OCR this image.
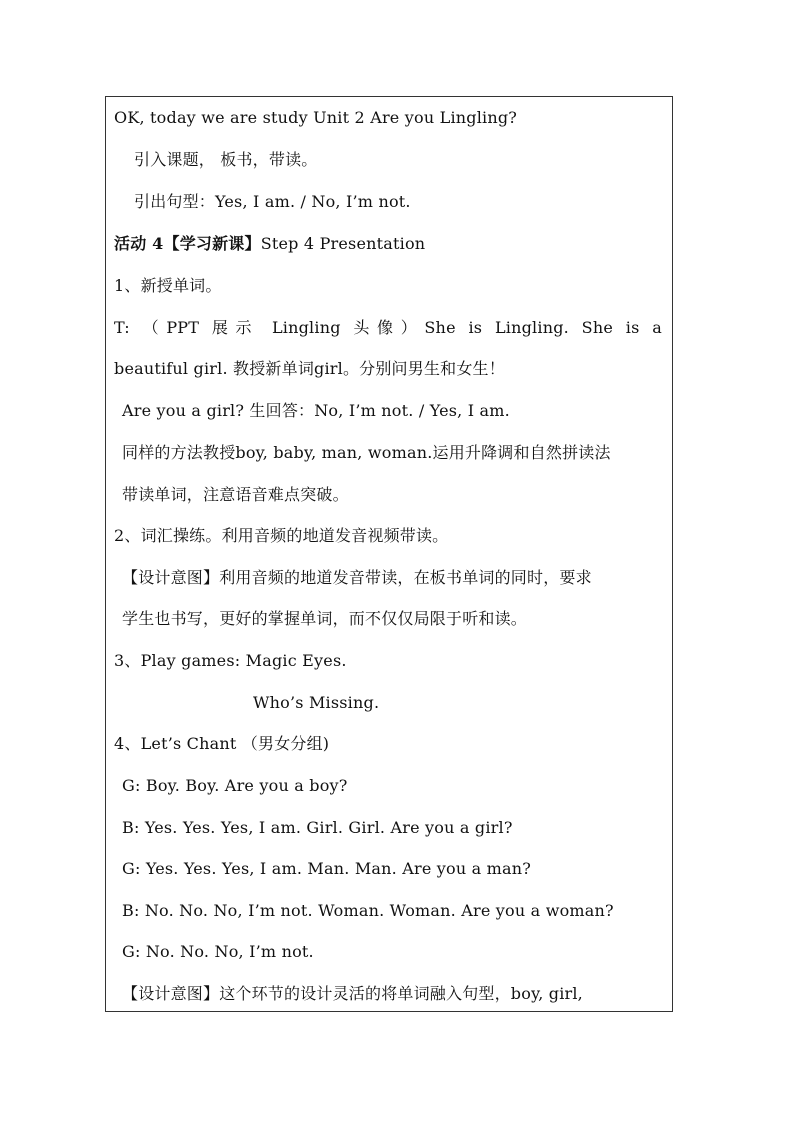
OK, today we are study Unit 2 Are you Lingling?
引入课题， 板书，带读。
引出句型：Yes, I am. / No, I’m not.
活动 4【学习新课】Step 4 Presentation
1、新授单词。
T: （PPT 展示 Lingling 头像）She is Lingling. She is a
beautiful girl. 教授新单词girl。分别问男生和女生！
Are you a girl? 生回答：No, I’m not. / Yes, I am.
同样的方法教授boy, baby, man, woman.运用升降调和自然拼读法
带读单词，注意语音难点突破。
2、词汇操练。利用音频的地道发音视频带读。
【设计意图】利用音频的地道发音带读，在板书单词的同时，要求
学生也书写，更好的掌握单词，而不仅仅局限于听和读。
3、Play games: Magic Eyes.
Who’s Missing.
4、Let’s Chant （男女分组)
G: Boy. Boy. Are you a boy?
B: Yes. Yes. Yes, I am. Girl. Girl. Are you a girl?
G: Yes. Yes. Yes, I am. Man. Man. Are you a man?
B: No. No. No, I’m not. Woman. Woman. Are you a woman?
G: No. No. No, I’m not.
【设计意图】这个环节的设计灵活的将单词融入句型，boy, girl,
